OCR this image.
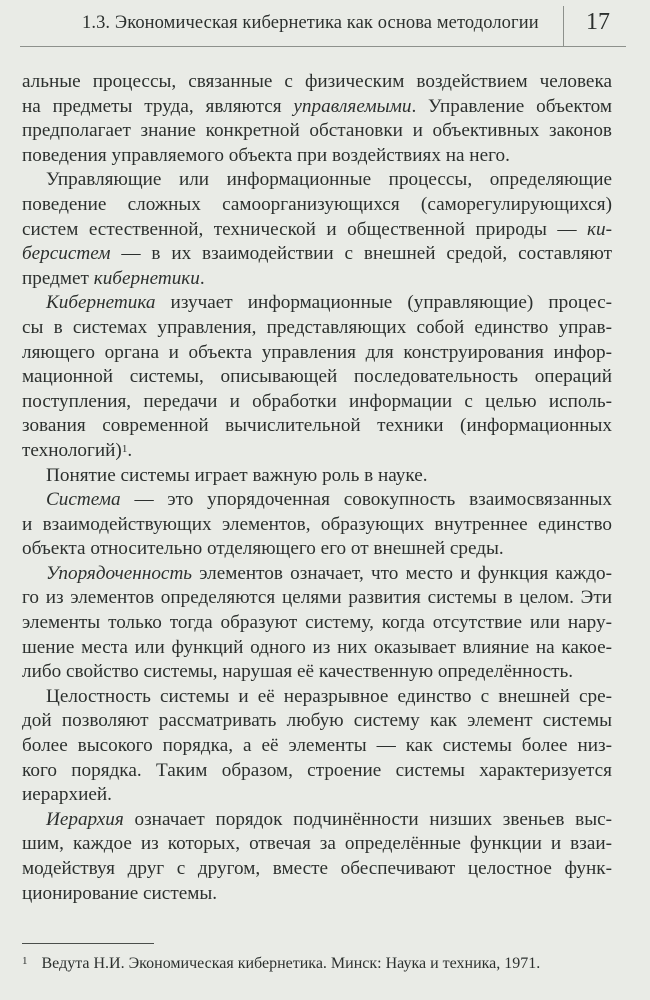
1.3. Экономическая кибернетика как основа методологии 17
альные процессы, связанные с физическим воздействием человека
на предметы труда, являются управляемыми. Управление объектом
предполагает знание конкретной обстановки и объективных законов
поведения управляемого объекта при воздействиях на него.
Управляющие или информационные процессы, определяющие
поведение сложных самоорганизующихся (саморегулирующихся)
систем естественной, технической и общественной природы — ки-
берсистем — в их взаимодействии с внешней средой, составляют
предмет кибернетики.
Кибернетика изучает информационные (управляющие) процес-
сы в системах управления, представляющих собой единство управ-
ляющего органа и объекта управления для конструирования инфор-
мационной системы, описывающей последовательность операций
поступления, передачи и обработки информации с целью исполь-
зования современной вычислительной техники (информационных
технологий)$^1$.
Понятие системы играет важную роль в науке.
Система — это упорядоченная совокупность взаимосвязанных
и взаимодействующих элементов, образующих внутреннее единство
объекта относительно отделяющего его от внешней среды.
Упорядоченность элементов означает, что место и функция каждо-
го из элементов определяются целями развития системы в целом. Эти
элементы только тогда образуют систему, когда отсутствие или нару-
шение места или функций одного из них оказывает влияние на какое-
либо свойство системы, нарушая её качественную определённость.
Целостность системы и её неразрывное единство с внешней сре-
дой позволяют рассматривать любую систему как элемент системы
более высокого порядка, а её элементы — как системы более низ-
кого порядка. Таким образом, строение системы характеризуется
иерархией.
Иерархия означает порядок подчинённости низших звеньев выс-
шим, каждое из которых, отвечая за определённые функции и взаи-
модействуя друг с другом, вместе обеспечивают целостное функ-
ционирование системы.
$^1$ Ведута Н.И. Экономическая кибернетика. Минск: Наука и техника, 1971.
